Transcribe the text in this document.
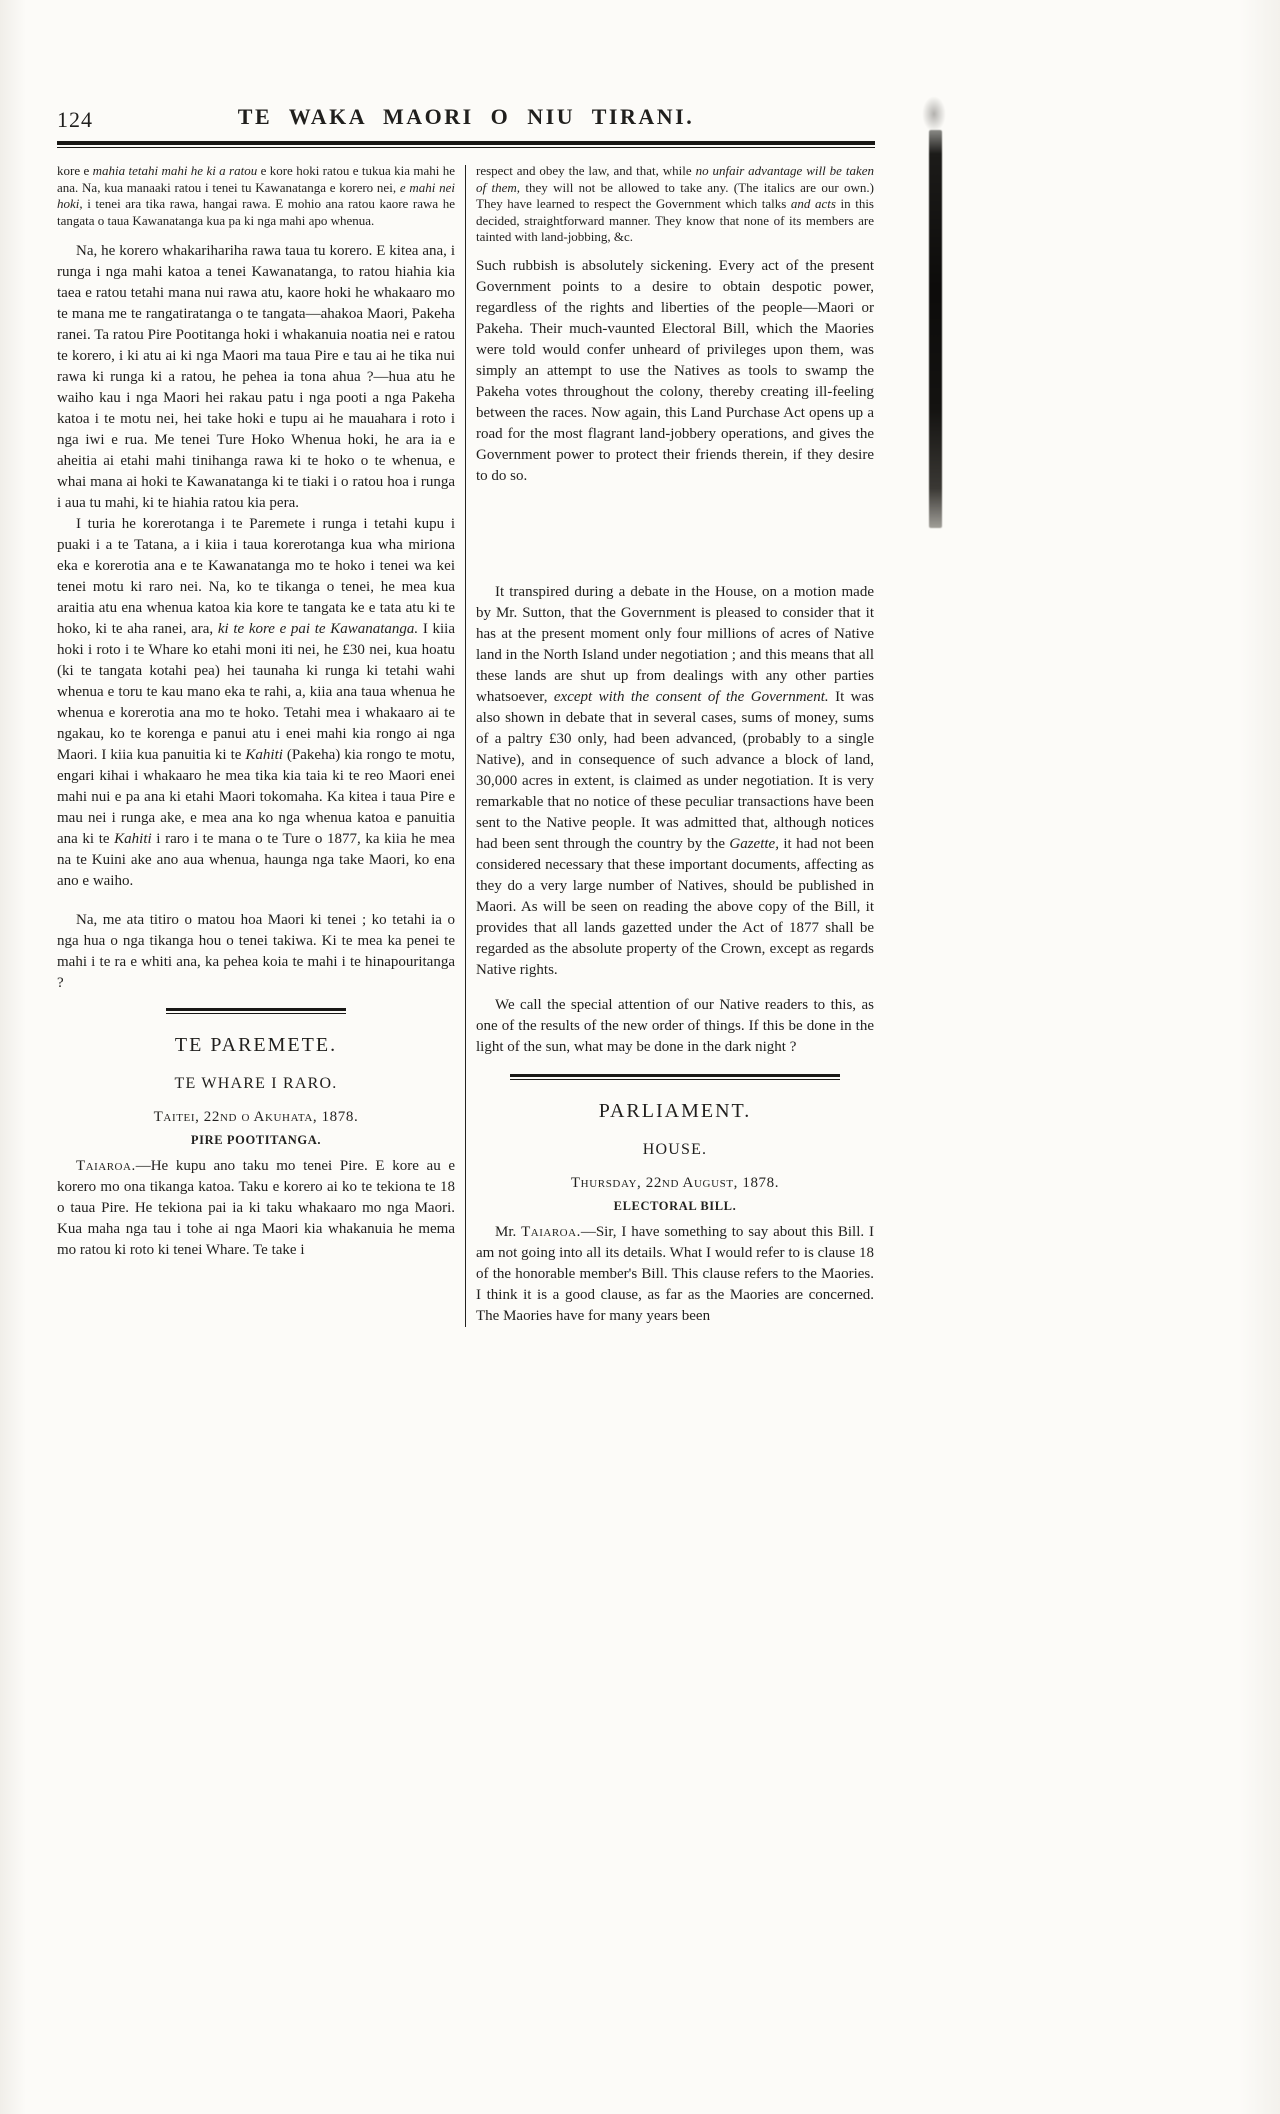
124	TE WAKA MAORI O NIU TIRANI.

kore e mahia tetahi mahi he ki a ratou e kore hoki ratou e tukua kia mahi he ana. Na, kua manaaki ratou i tenei tu Kawanatanga e korero nei, e mahi nei hoki, i tenei ara tika rawa, hangai rawa. E mohio ana ratou kaore rawa he tangata o taua Kawanatanga kua pa ki nga mahi apo whenua.

Na, he korero whakarihariha rawa taua tu korero. E kitea ana, i runga i nga mahi katoa a tenei Kawanatanga, to ratou hiahia kia taea e ratou tetahi mana nui rawa atu, kaore hoki he whakaaro mo te mana me te rangatiratanga o te tangata—ahakoa Maori, Pakeha ranei. Ta ratou Pire Pootitanga hoki i whakanuia noatia nei e ratou te korero, i ki atu ai ki nga Maori ma taua Pire e tau ai he tika nui rawa ki runga ki a ratou, he pehea ia tona ahua ?—hua atu he waiho kau i nga Maori hei rakau patu i nga pooti a nga Pakeha katoa i te motu nei, hei take hoki e tupu ai he mauahara i roto i nga iwi e rua. Me tenei Ture Hoko Whenua hoki, he ara ia e aheitia ai etahi mahi tinihanga rawa ki te hoko o te whenua, e whai mana ai hoki te Kawanatanga ki te tiaki i o ratou hoa i runga i aua tu mahi, ki te hiahia ratou kia pera.

I turia he korerotanga i te Paremete i runga i tetahi kupu i puaki i a te Tatana, a i kiia i taua korerotanga kua wha miriona eka e korerotia ana e te Kawanatanga mo te hoko i tenei wa kei tenei motu ki raro nei. Na, ko te tikanga o tenei, he mea kua araitia atu ena whenua katoa kia kore te tangata ke e tata atu ki te hoko, ki te aha ranei, ara, ki te kore e pai te Kawanatanga. I kiia hoki i roto i te Whare ko etahi moni iti nei, he £30 nei, kua hoatu (ki te tangata kotahi pea) hei taunaha ki runga ki tetahi wahi whenua e toru te kau mano eka te rahi, a, kiia ana taua whenua he whenua e korerotia ana mo te hoko. Tetahi mea i whakaaro ai te ngakau, ko te korenga e panui atu i enei mahi kia rongo ai nga Maori. I kiia kua panuitia ki te Kahiti (Pakeha) kia rongo te motu, engari kihai i whakaaro he mea tika kia taia ki te reo Maori enei mahi nui e pa ana ki etahi Maori tokomaha. Ka kitea i taua Pire e mau nei i runga ake, e mea ana ko nga whenua katoa e panuitia ana ki te Kahiti i raro i te mana o te Ture o 1877, ka kiia he mea na te Kuini ake ano aua whenua, haunga nga take Maori, ko ena ano e waiho.

Na, me ata titiro o matou hoa Maori ki tenei ; ko tetahi ia o nga hua o nga tikanga hou o tenei takiwa. Ki te mea ka penei te mahi i te ra e whiti ana, ka pehea koia te mahi i te hinapouritanga ?

TE PAREMETE.
TE WHARE I RARO.
Taitei, 22nd o Akuhata, 1878.
PIRE POOTITANGA.

Taiaroa.—He kupu ano taku mo tenei Pire. E kore au e korero mo ona tikanga katoa. Taku e korero ai ko te tekiona te 18 o taua Pire. He tekiona pai ia ki taku whakaaro mo nga Maori. Kua maha nga tau i tohe ai nga Maori kia whakanuia he mema mo ratou ki roto ki tenei Whare. Te take i

respect and obey the law, and that, while no unfair advantage will be taken of them, they will not be allowed to take any. (The italics are our own.) They have learned to respect the Government which talks and acts in this decided, straightforward manner. They know that none of its members are tainted with land-jobbing, &c.

Such rubbish is absolutely sickening. Every act of the present Government points to a desire to obtain despotic power, regardless of the rights and liberties of the people—Maori or Pakeha. Their much-vaunted Electoral Bill, which the Maories were told would confer unheard of privileges upon them, was simply an attempt to use the Natives as tools to swamp the Pakeha votes throughout the colony, thereby creating ill-feeling between the races. Now again, this Land Purchase Act opens up a road for the most flagrant land-jobbery operations, and gives the Government power to protect their friends therein, if they desire to do so.

It transpired during a debate in the House, on a motion made by Mr. Sutton, that the Government is pleased to consider that it has at the present moment only four millions of acres of Native land in the North Island under negotiation ; and this means that all these lands are shut up from dealings with any other parties whatsoever, except with the consent of the Government. It was also shown in debate that in several cases, sums of money, sums of a paltry £30 only, had been advanced, (probably to a single Native), and in consequence of such advance a block of land, 30,000 acres in extent, is claimed as under negotiation. It is very remarkable that no notice of these peculiar transactions have been sent to the Native people. It was admitted that, although notices had been sent through the country by the Gazette, it had not been considered necessary that these important documents, affecting as they do a very large number of Natives, should be published in Maori. As will be seen on reading the above copy of the Bill, it provides that all lands gazetted under the Act of 1877 shall be regarded as the absolute property of the Crown, except as regards Native rights.

We call the special attention of our Native readers to this, as one of the results of the new order of things. If this be done in the light of the sun, what may be done in the dark night ?

PARLIAMENT.
HOUSE.
Thursday, 22nd August, 1878.
ELECTORAL BILL.

Mr. Taiaroa.—Sir, I have something to say about this Bill. I am not going into all its details. What I would refer to is clause 18 of the honorable member's Bill. This clause refers to the Maories. I think it is a good clause, as far as the Maories are concerned. The Maories have for many years been
